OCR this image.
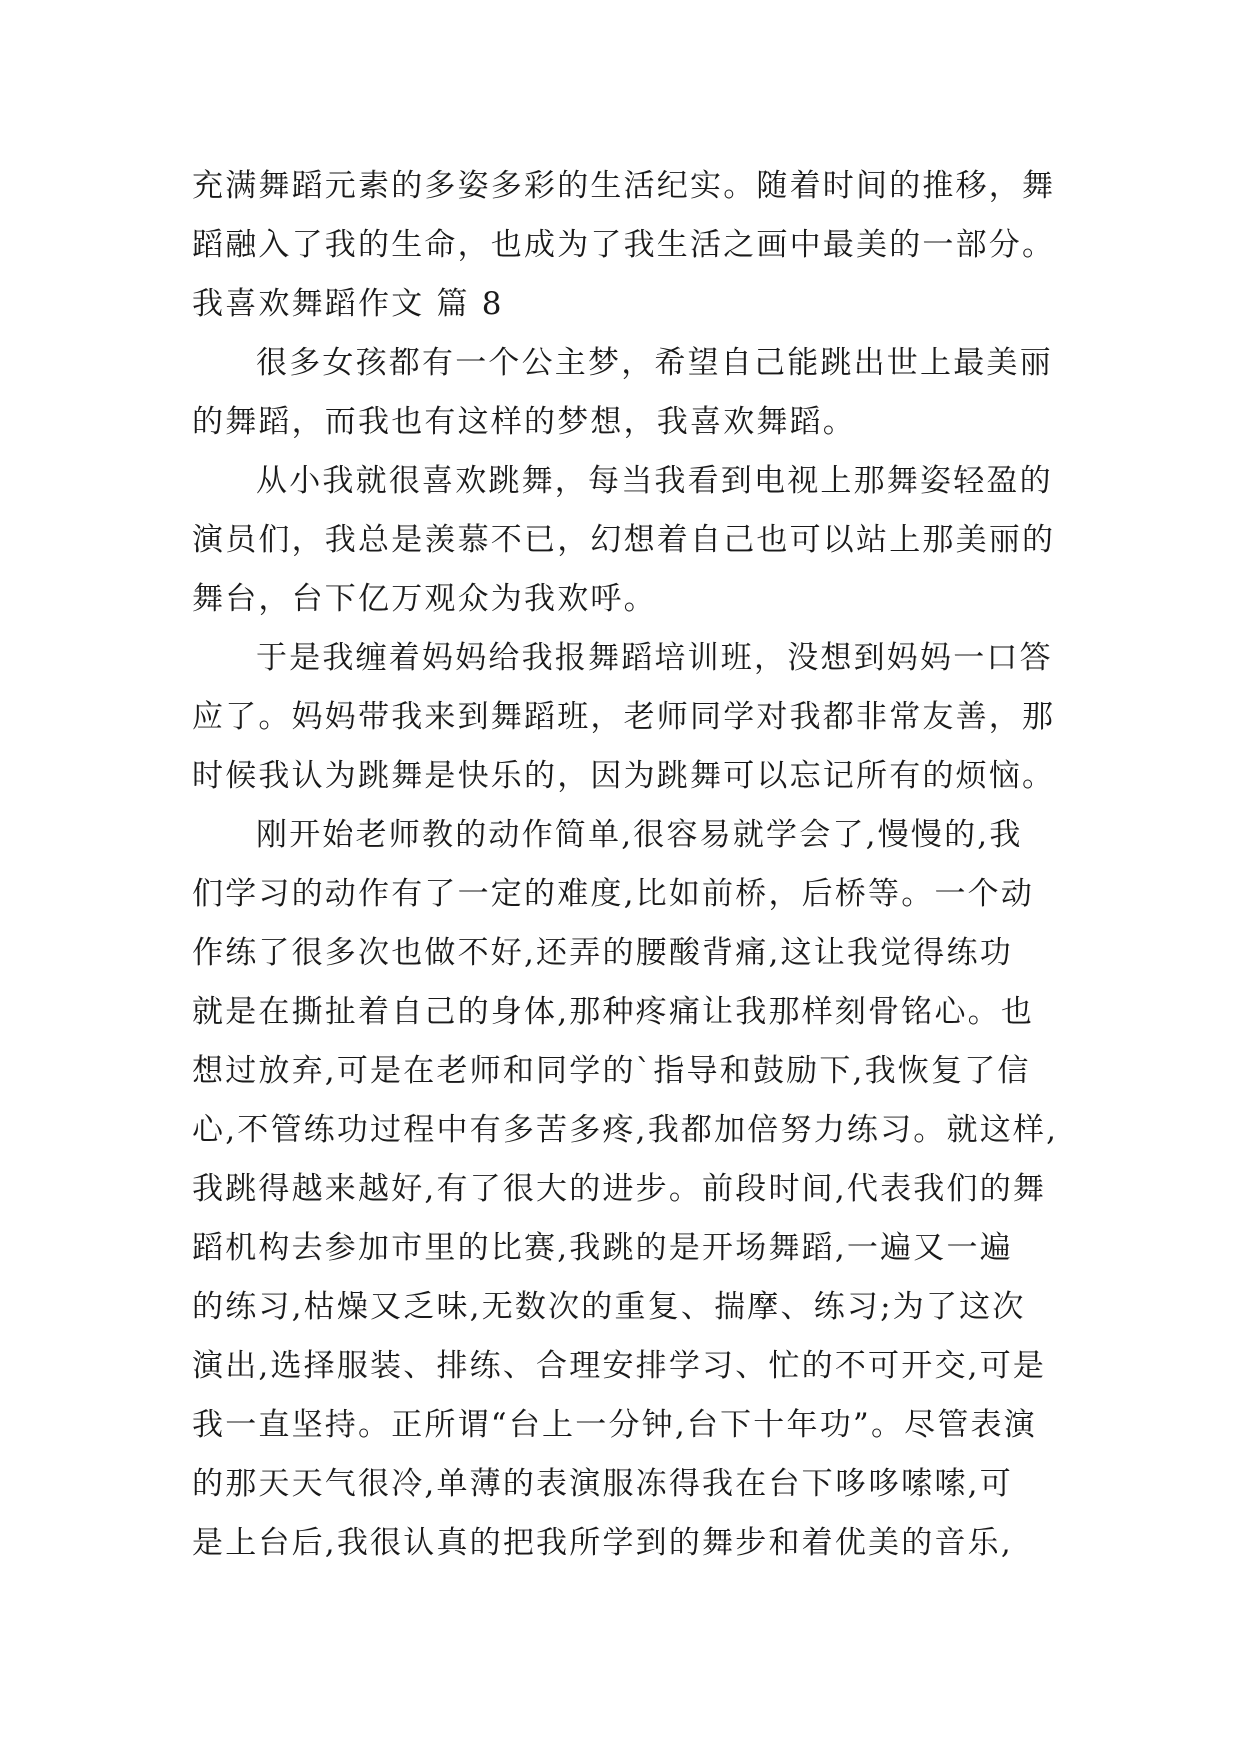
充满舞蹈元素的多姿多彩的生活纪实。随着时间的推移，舞
蹈融入了我的生命，也成为了我生活之画中最美的一部分。
我喜欢舞蹈作文 篇 8
很多女孩都有一个公主梦，希望自己能跳出世上最美丽
的舞蹈，而我也有这样的梦想，我喜欢舞蹈。
从小我就很喜欢跳舞，每当我看到电视上那舞姿轻盈的
演员们，我总是羡慕不已，幻想着自己也可以站上那美丽的
舞台，台下亿万观众为我欢呼。
于是我缠着妈妈给我报舞蹈培训班，没想到妈妈一口答
应了。妈妈带我来到舞蹈班，老师同学对我都非常友善，那
时候我认为跳舞是快乐的，因为跳舞可以忘记所有的烦恼。
刚开始老师教的动作简单,很容易就学会了,慢慢的,我
们学习的动作有了一定的难度,比如前桥，后桥等。一个动
作练了很多次也做不好,还弄的腰酸背痛,这让我觉得练功
就是在撕扯着自己的身体,那种疼痛让我那样刻骨铭心。也
想过放弃,可是在老师和同学的`指导和鼓励下,我恢复了信
心,不管练功过程中有多苦多疼,我都加倍努力练习。就这样,
我跳得越来越好,有了很大的进步。前段时间,代表我们的舞
蹈机构去参加市里的比赛,我跳的是开场舞蹈,一遍又一遍
的练习,枯燥又乏味,无数次的重复、揣摩、练习;为了这次
演出,选择服装、排练、合理安排学习、忙的不可开交,可是
我一直坚持。正所谓“台上一分钟,台下十年功”。尽管表演
的那天天气很冷,单薄的表演服冻得我在台下哆哆嗦嗦,可
是上台后,我很认真的把我所学到的舞步和着优美的音乐,
